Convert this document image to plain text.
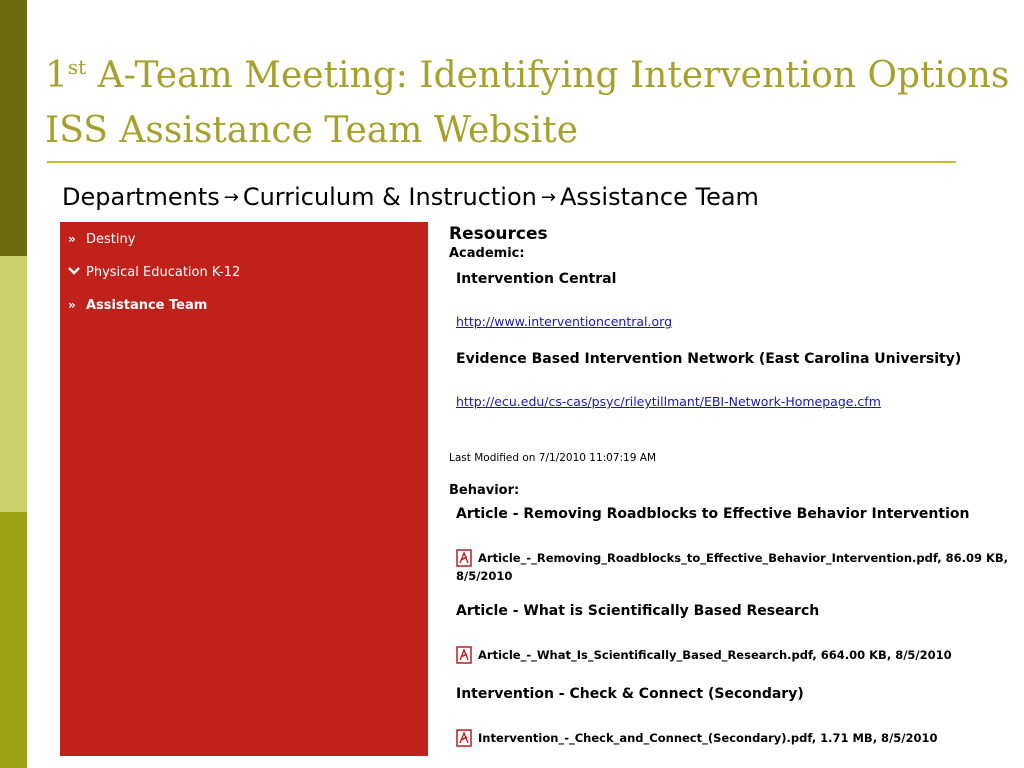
1st A-Team Meeting: Identifying Intervention Options
ISS Assistance Team Website
Departments → Curriculum & Instruction → Assistance Team
» Destiny
Physical Education K-12
» Assistance Team
Resources
Academic:
Intervention Central
http://www.interventioncentral.org
Evidence Based Intervention Network (East Carolina University)
http://ecu.edu/cs-cas/psyc/rileytillmant/EBI-Network-Homepage.cfm
Last Modified on 7/1/2010 11:07:19 AM
Behavior:
Article - Removing Roadblocks to Effective Behavior Intervention
Article_-_Removing_Roadblocks_to_Effective_Behavior_Intervention.pdf, 86.09 KB, 8/5/2010
Article - What is Scientifically Based Research
Article_-_What_Is_Scientifically_Based_Research.pdf, 664.00 KB, 8/5/2010
Intervention - Check & Connect (Secondary)
Intervention_-_Check_and_Connect_(Secondary).pdf, 1.71 MB, 8/5/2010
